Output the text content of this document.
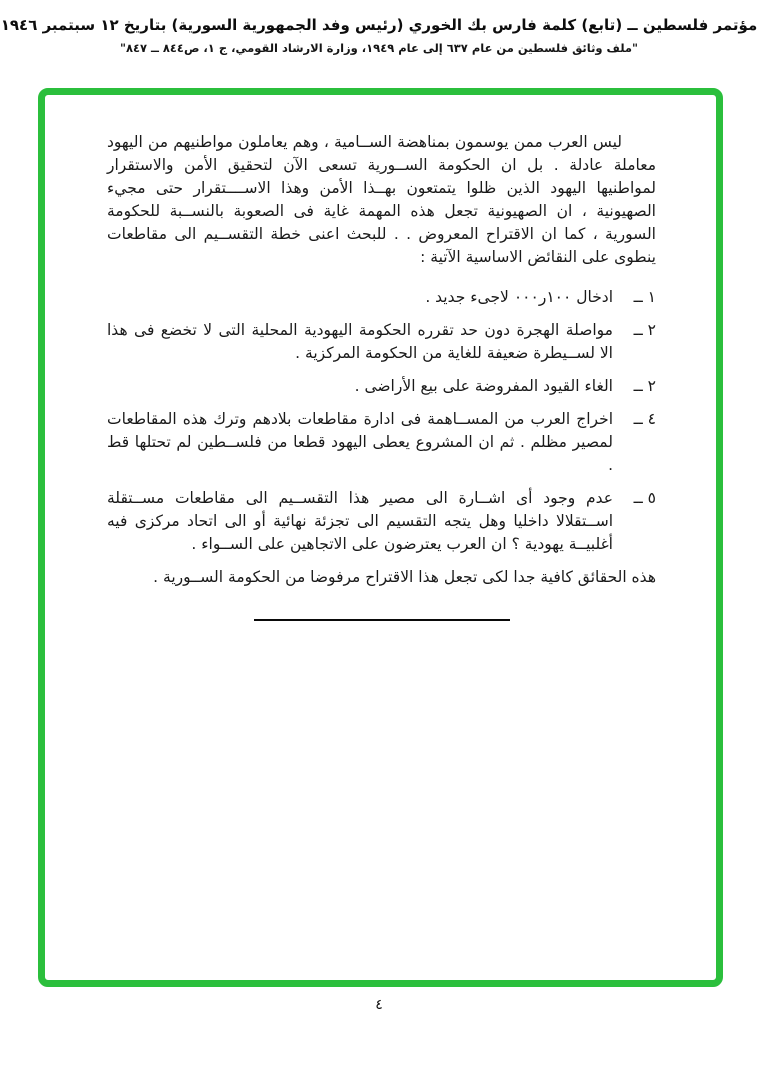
مؤتمر فلسطين ــ (تابع) كلمة فارس بك الخوري (رئيس وفد الجمهورية السورية) بتاريخ ١٢ سبتمبر ١٩٤٦
"ملف وثائق فلسطين من عام ٦٣٧ إلى عام ١٩٤٩، وزارة الارشاد القومي، ج ١، ص٨٤٤ ــ ٨٤٧"

ليس العرب ممن يوسمون بمناهضة الســامية ، وهم يعاملون مواطنيهم من اليهود معاملة عادلة . بل ان الحكومة الســورية تسعى الآن لتحقيق الأمن والاستقرار لمواطنيها اليهود الذين ظلوا يتمتعون بهــذا الأمن وهذا الاســــتقرار حتى مجيء الصهيونية ، ان الصهيونية تجعل هذه المهمة غاية فى الصعوبة بالنســبة للحكومة السورية ، كما ان الاقتراح المعروض . . للبحث اعنى خطة التقســيم الى مقاطعات ينطوى على النقائض الاساسية الآتية :

١ ــ
ادخال ١٠٠ر٠٠٠ لاجىء جديد .
٢ ــ
مواصلة الهجرة دون حد تقرره الحكومة اليهودية المحلية التى لا تخضع فى هذا الا لســيطرة ضعيفة للغاية من الحكومة المركزية .
٢ ــ
الغاء القيود المفروضة على بيع الأراضى .
٤ ــ
اخراج العرب من المســاهمة فى ادارة مقاطعات بلادهم وترك هذه المقاطعات لمصير مظلم . ثم ان المشروع يعطى اليهود قطعا من فلســطين لم تحتلها قط .
٥ ــ
عدم وجود أى اشــارة الى مصير هذا التقســيم الى مقاطعات مســتقلة اســتقلالا داخليا وهل يتجه التقسيم الى تجزئة نهائية أو الى اتحاد مركزى فيه أغلبيــة يهودية ؟ ان العرب يعترضون على الاتجاهين على الســواء .

هذه الحقائق كافية جدا لكى تجعل هذا الاقتراح مرفوضا من الحكومة الســورية .

٤
